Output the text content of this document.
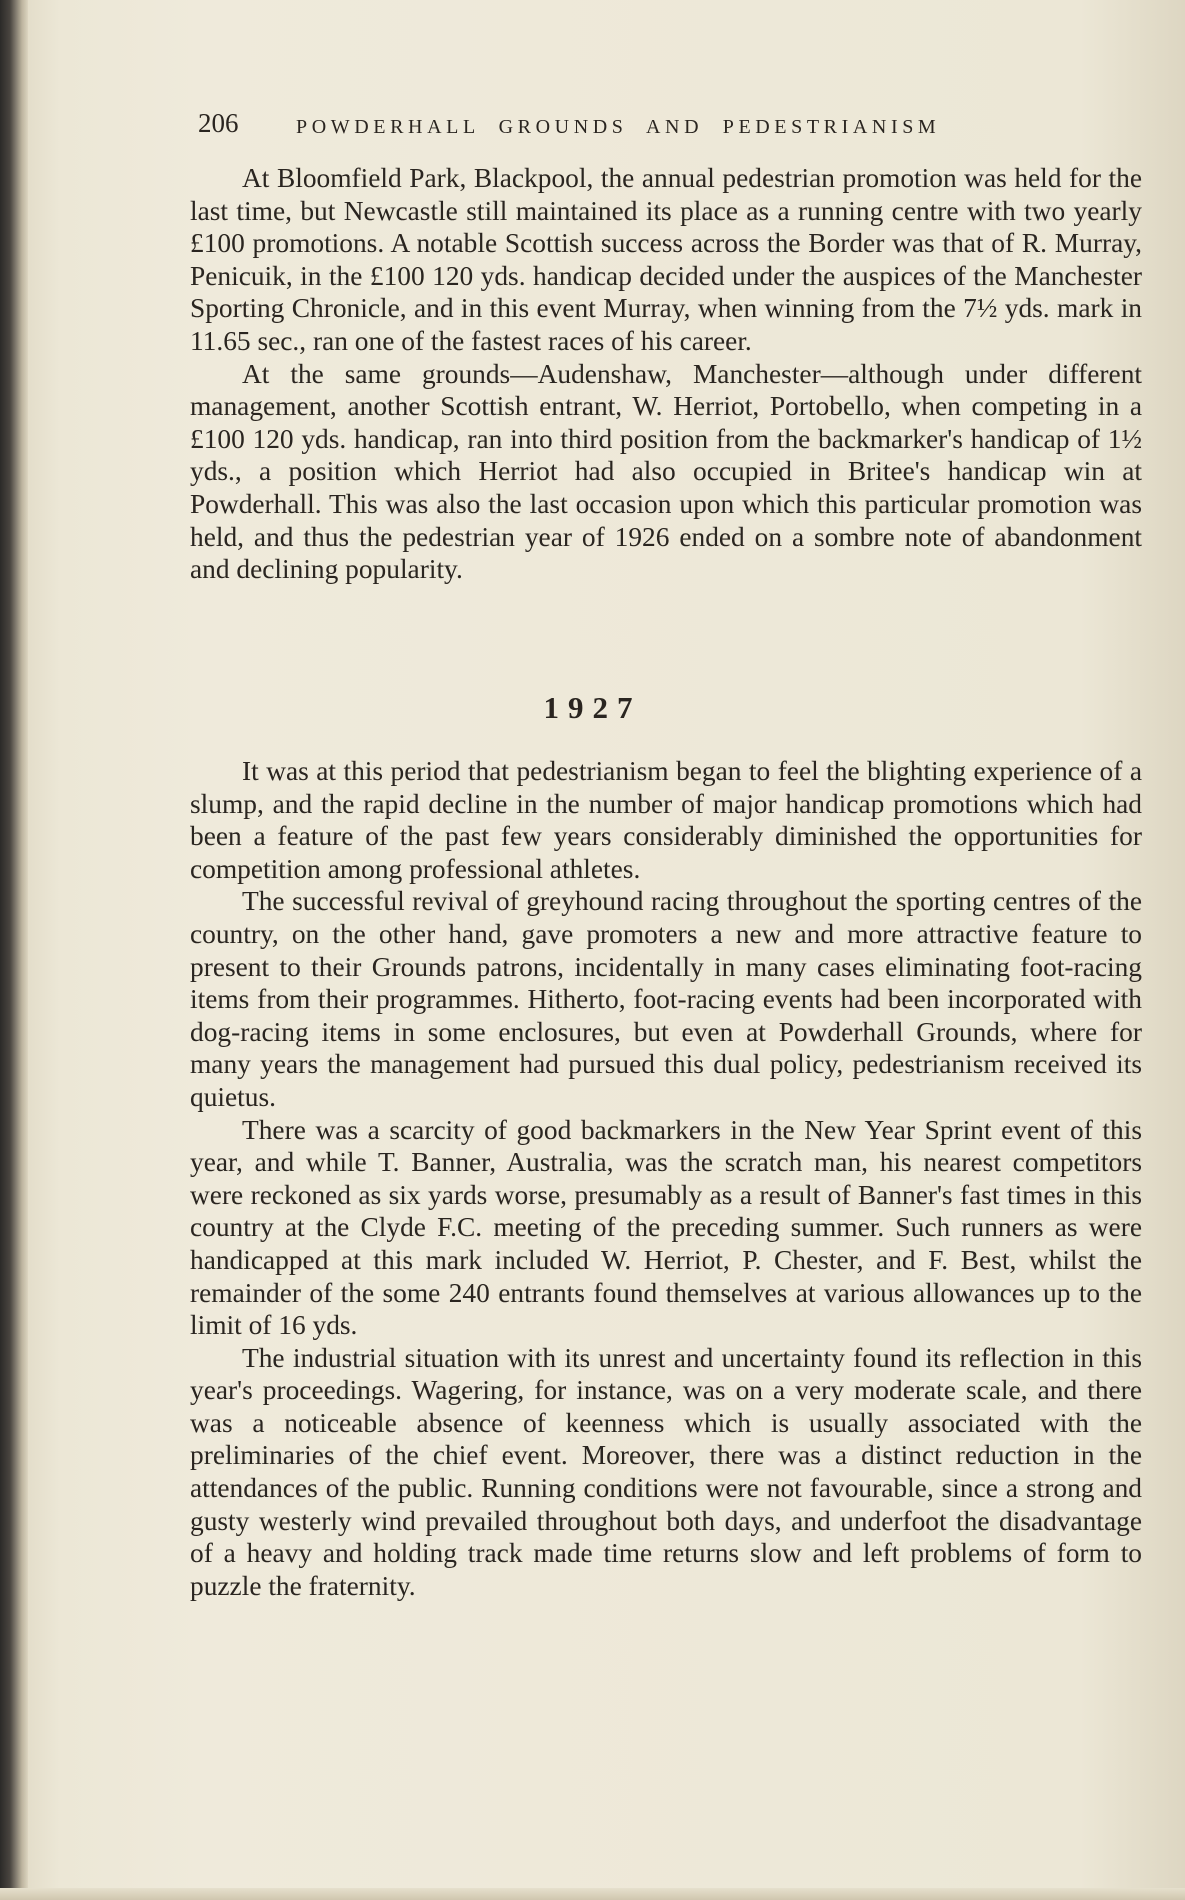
206	POWDERHALL GROUNDS AND PEDESTRIANISM

At Bloomfield Park, Blackpool, the annual pedestrian promotion was held for the last time, but Newcastle still maintained its place as a running centre with two yearly £100 promotions. A notable Scottish success across the Border was that of R. Murray, Penicuik, in the £100 120 yds. handicap decided under the auspices of the Manchester Sporting Chronicle, and in this event Murray, when winning from the 7½ yds. mark in 11.65 sec., ran one of the fastest races of his career.

At the same grounds—Audenshaw, Manchester—although under different management, another Scottish entrant, W. Herriot, Portobello, when competing in a £100 120 yds. handicap, ran into third position from the backmarker's handicap of 1½ yds., a position which Herriot had also occupied in Britee's handicap win at Powderhall. This was also the last occasion upon which this particular promotion was held, and thus the pedestrian year of 1926 ended on a sombre note of abandonment and declining popularity.

1927

It was at this period that pedestrianism began to feel the blighting experience of a slump, and the rapid decline in the number of major handicap promotions which had been a feature of the past few years considerably diminished the opportunities for competition among professional athletes.

The successful revival of greyhound racing throughout the sporting centres of the country, on the other hand, gave promoters a new and more attractive feature to present to their Grounds patrons, incidentally in many cases eliminating foot-racing items from their programmes. Hitherto, foot-racing events had been incorporated with dog-racing items in some enclosures, but even at Powderhall Grounds, where for many years the management had pursued this dual policy, pedestrianism received its quietus.

There was a scarcity of good backmarkers in the New Year Sprint event of this year, and while T. Banner, Australia, was the scratch man, his nearest competitors were reckoned as six yards worse, presumably as a result of Banner's fast times in this country at the Clyde F.C. meeting of the preceding summer. Such runners as were handicapped at this mark included W. Herriot, P. Chester, and F. Best, whilst the remainder of the some 240 entrants found themselves at various allowances up to the limit of 16 yds.

The industrial situation with its unrest and uncertainty found its reflection in this year's proceedings. Wagering, for instance, was on a very moderate scale, and there was a noticeable absence of keenness which is usually associated with the preliminaries of the chief event. Moreover, there was a distinct reduction in the attendances of the public. Running conditions were not favourable, since a strong and gusty westerly wind prevailed throughout both days, and underfoot the disadvantage of a heavy and holding track made time returns slow and left problems of form to puzzle the fraternity.
